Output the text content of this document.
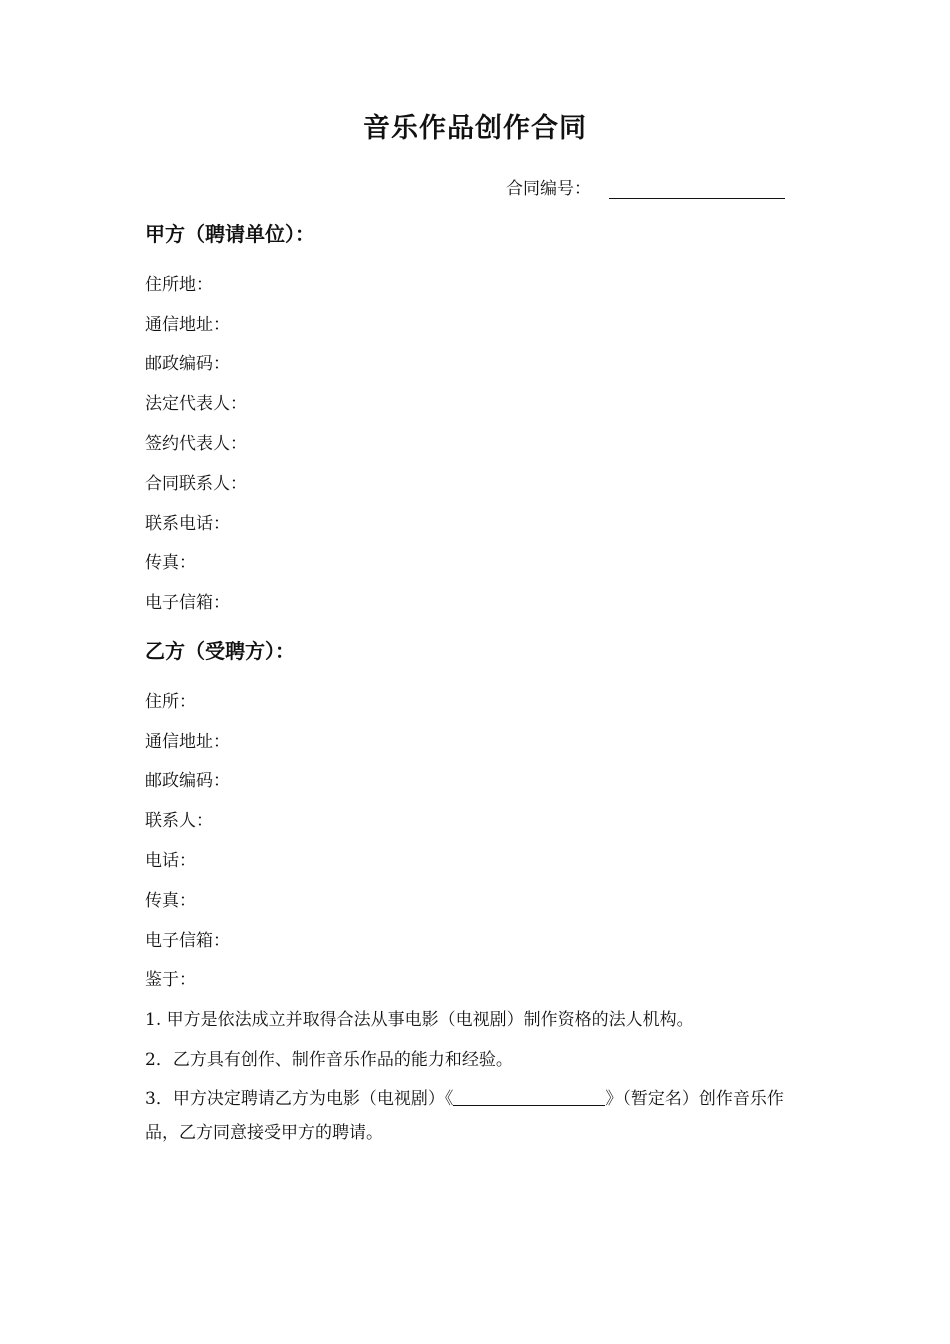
音乐作品创作合同
合同编号：
甲方（聘请单位）：
住所地：
通信地址：
邮政编码：
法定代表人：
签约代表人：
合同联系人：
联系电话：
传真：
电子信箱：
乙方（受聘方）：
住所：
通信地址：
邮政编码：
联系人：
电话：
传真：
电子信箱：
鉴于：
1. 甲方是依法成立并取得合法从事电影（电视剧）制作资格的法人机构。
2．乙方具有创作、制作音乐作品的能力和经验。
3．甲方决定聘请乙方为电影（电视剧）《	》（暂定名）创作音乐作品，乙方同意接受甲方的聘请。
